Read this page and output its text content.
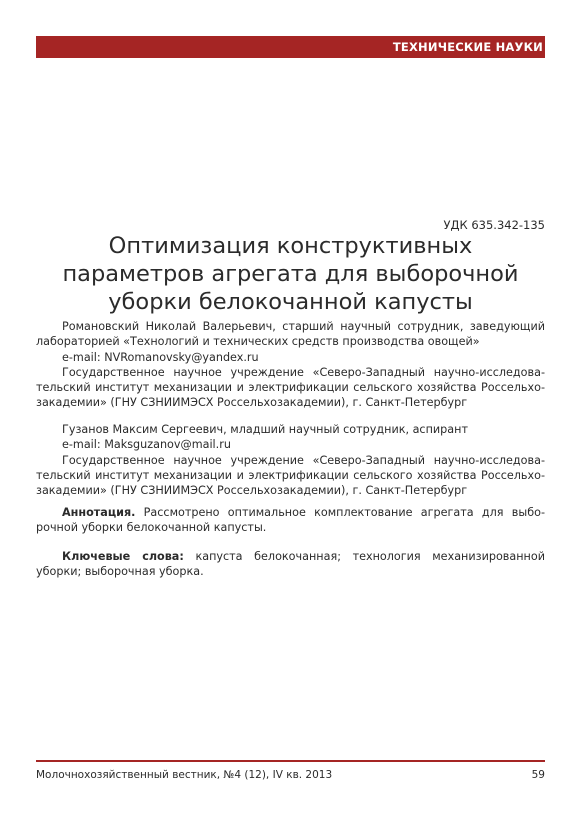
ТЕХНИЧЕСКИЕ НАУКИ
УДК 635.342-135
Оптимизация конструктивных
параметров агрегата для выборочной
уборки белокочанной капусты
Романовский Николай Валерьевич, старший научный сотрудник, заведующий
лабораторией «Технологий и технических средств производства овощей»
e-mail: NVRomanovsky@yandex.ru
Государственное научное учреждение «Северо-Западный научно-исследова-
тельский институт механизации и электрификации сельского хозяйства Россельхо-
закадемии» (ГНУ СЗНИИМЭСХ Россельхозакадемии), г. Санкт-Петербург
Гузанов Максим Сергеевич, младший научный сотрудник, аспирант
e-mail: Maksguzanov@mail.ru
Государственное научное учреждение «Северо-Западный научно-исследова-
тельский институт механизации и электрификации сельского хозяйства Россельхо-
закадемии» (ГНУ СЗНИИМЭСХ Россельхозакадемии), г. Санкт-Петербург
Аннотация. Рассмотрено оптимальное комплектование агрегата для выбо-
рочной уборки белокочанной капусты.
Ключевые слова: капуста белокочанная; технология механизированной
уборки; выборочная уборка.
Молочнохозяйственный вестник, №4 (12), IV кв. 2013	59
